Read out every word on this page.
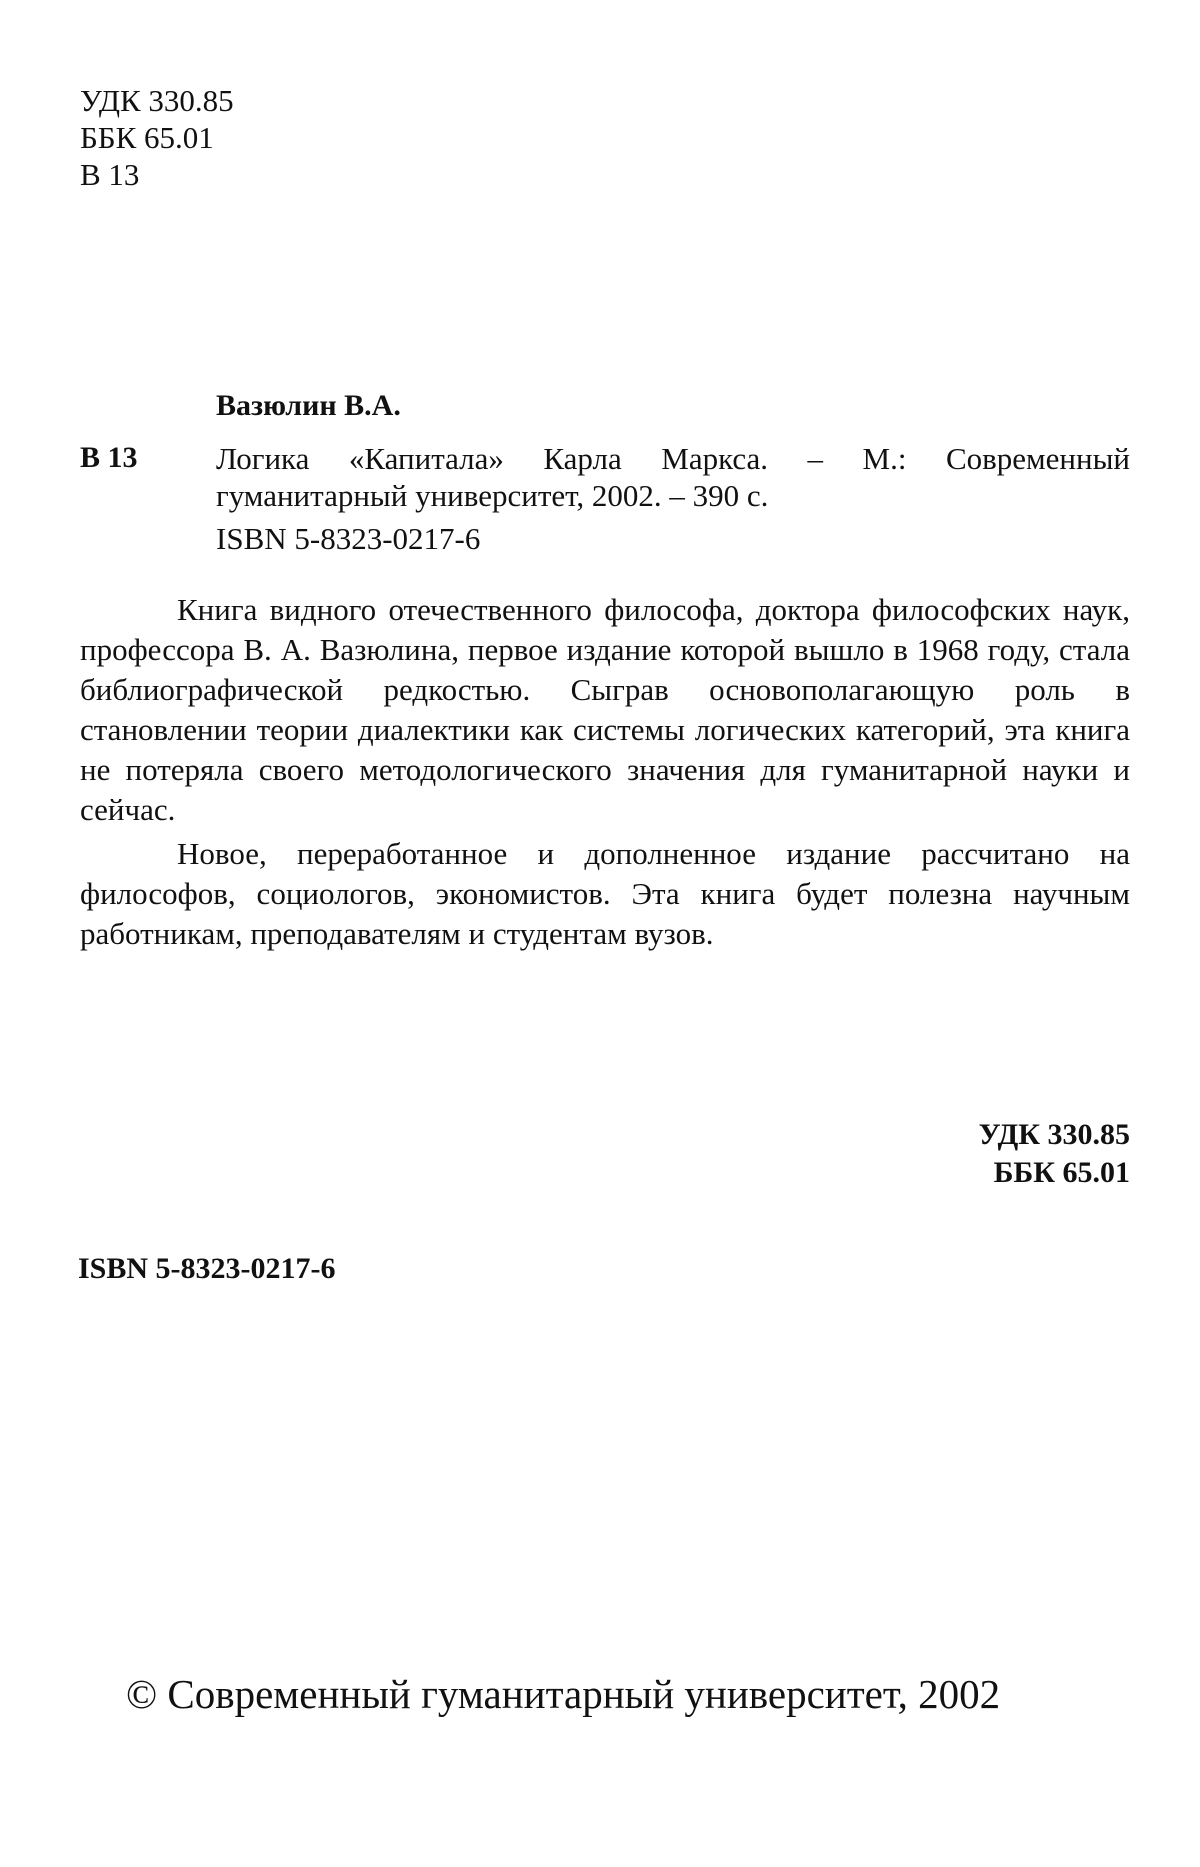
УДК 330.85
ББК 65.01
В 13
Вазюлин В.А.
В 13	Логика «Капитала» Карла Маркса. – М.: Современный гуманитарный университет, 2002. – 390 с.
ISBN 5-8323-0217-6

Книга видного отечественного философа, доктора философских наук, профессора В. А. Вазюлина, первое издание которой вышло в 1968 году, стала библиографической редкостью. Сыграв основополагающую роль в становлении теории диалектики как системы логических категорий, эта книга не потеряла своего методологического значения для гуманитарной науки и сейчас.

Новое, переработанное и дополненное издание рассчитано на философов, социологов, экономистов. Эта книга будет полезна научным работникам, преподавателям и студентам вузов.

УДК 330.85
ББК 65.01
ISBN 5-8323-0217-6
© Современный гуманитарный университет, 2002
